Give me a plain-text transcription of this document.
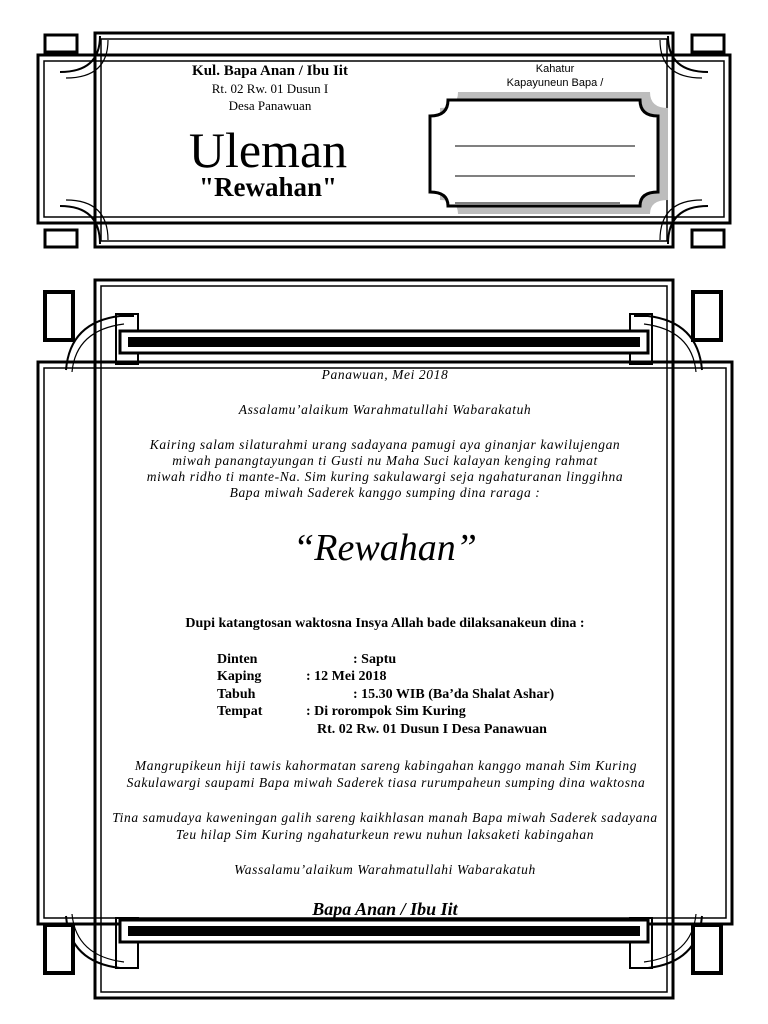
Kul. Bapa Anan / Ibu Iit
Rt. 02 Rw. 01 Dusun I
Desa Panawuan
Uleman
"Rewahan"
Kahatur
Kapayuneun Bapa /
Panawuan, Mei 2018
Assalamu’alaikum Warahmatullahi Wabarakatuh
Kairing salam silaturahmi urang sadayana pamugi aya ginanjar kawilujengan
miwah panangtayungan ti Gusti nu Maha Suci kalayan kenging rahmat
miwah ridho ti mante-Na. Sim kuring sakulawargi seja ngahaturanan linggihna
Bapa miwah Saderek kanggo sumping dina raraga :
“Rewahan”
Dupi katangtosan waktosna Insya Allah bade dilaksanakeun dina :
Dinten	: Saptu
Kaping	: 12 Mei 2018
Tabuh	: 15.30 WIB (Ba’da Shalat Ashar)
Tempat	: Di rorompok Sim Kuring
Rt. 02 Rw. 01 Dusun I Desa Panawuan
Mangrupikeun hiji tawis kahormatan sareng kabingahan kanggo manah Sim Kuring
Sakulawargi saupami Bapa miwah Saderek tiasa rurumpaheun sumping dina waktosna
Tina samudaya kaweningan galih sareng kaikhlasan manah Bapa miwah Saderek sadayana
Teu hilap Sim Kuring ngahaturkeun rewu nuhun laksaketi kabingahan
Wassalamu’alaikum Warahmatullahi Wabarakatuh
Bapa Anan / Ibu Iit
